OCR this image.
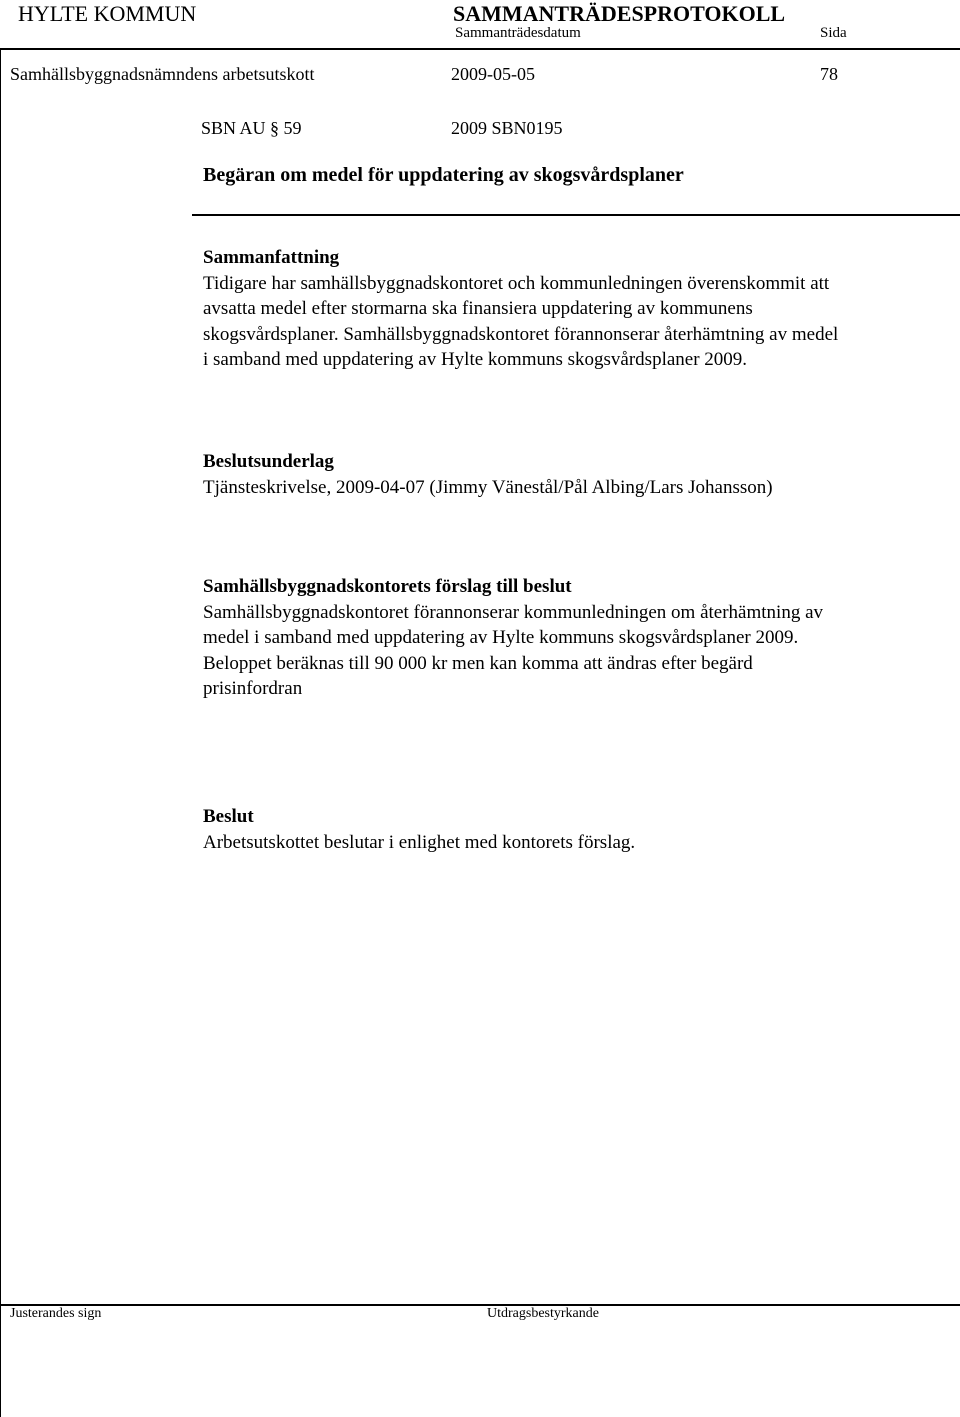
HYLTE KOMMUN	SAMMANTRÄDESPROTOKOLL
Sammanträdesdatum	Sida
Samhällsbyggnadsnämndens arbetsutskott	2009-05-05	78
SBN AU § 59	2009 SBN0195
Begäran om medel för uppdatering av skogsvårdsplaner
Sammanfattning
Tidigare har samhällsbyggnadskontoret och kommunledningen överenskommit att
avsatta medel efter stormarna ska finansiera uppdatering av kommunens
skogsvårdsplaner. Samhällsbyggnadskontoret förannonserar återhämtning av medel
i samband med uppdatering av Hylte kommuns skogsvårdsplaner 2009.
Beslutsunderlag
Tjänsteskrivelse, 2009-04-07 (Jimmy Vänestål/Pål Albing/Lars Johansson)
Samhällsbyggnadskontorets förslag till beslut
Samhällsbyggnadskontoret förannonserar kommunledningen om återhämtning av
medel i samband med uppdatering av Hylte kommuns skogsvårdsplaner 2009.
Beloppet beräknas till 90 000 kr men kan komma att ändras efter begärd
prisinfordran
Beslut
Arbetsutskottet beslutar i enlighet med kontorets förslag.
Justerandes sign	Utdragsbestyrkande
